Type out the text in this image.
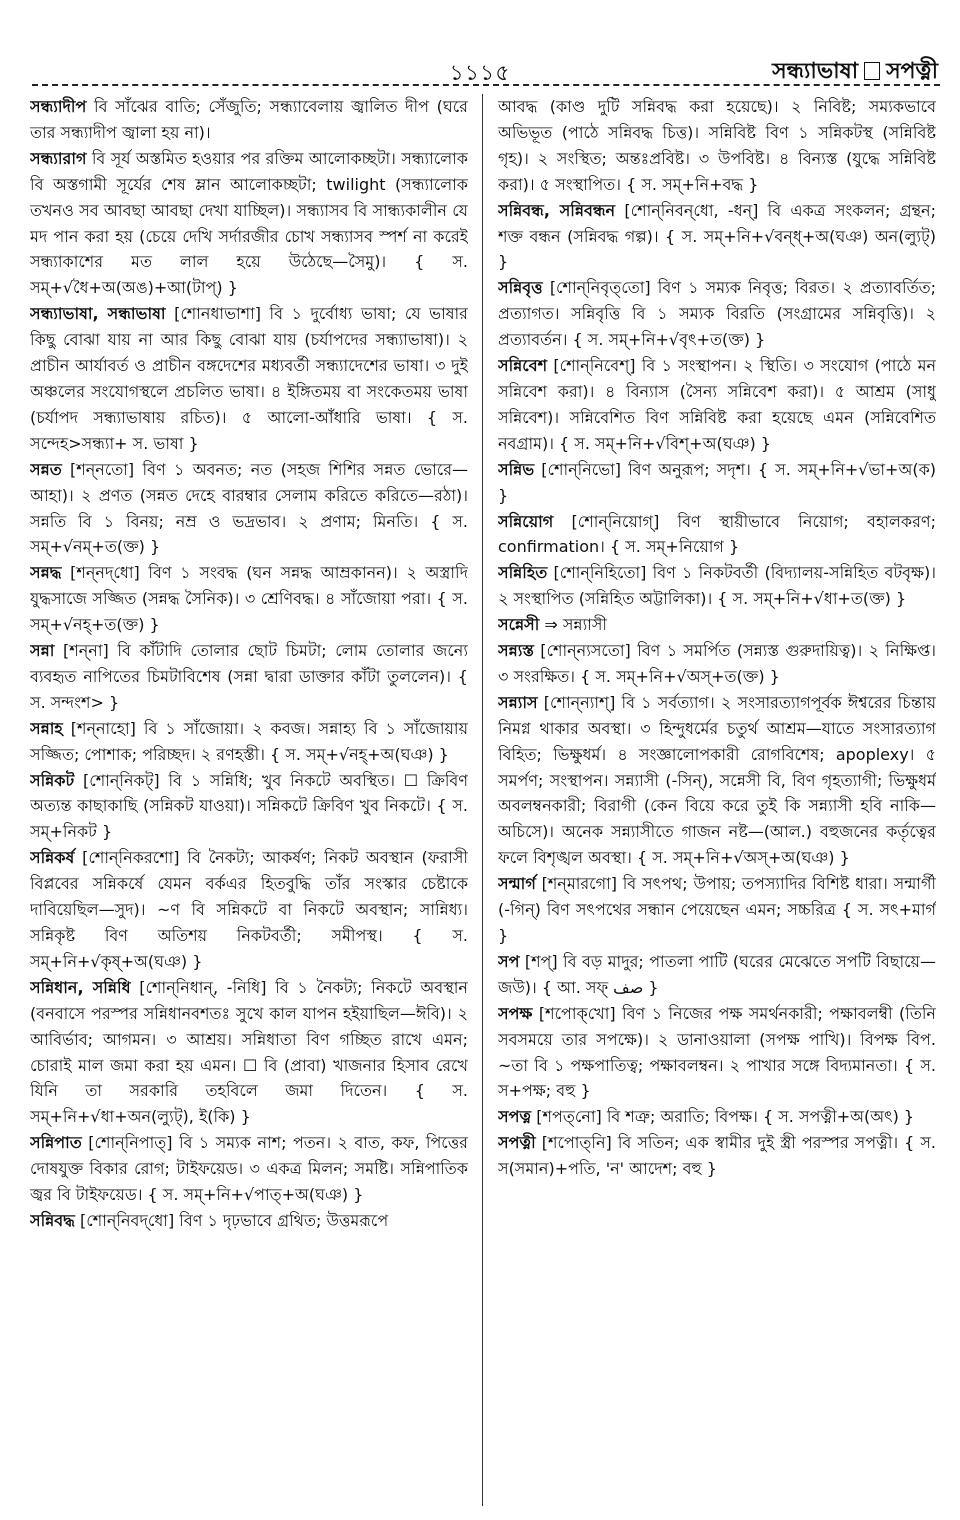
১১১৫	সন্ধ্যাভাষা সপত্নী

সন্ধ্যাদীপ বি সাঁঝের বাতি; সেঁজুতি; সন্ধ্যাবেলায় জ্বালিত দীপ (ঘরে তার সন্ধ্যাদীপ জ্বালা হয় না)।

সন্ধ্যারাগ বি সূর্য অস্তমিত হওয়ার পর রক্তিম আলোকচ্ছটা। সন্ধ্যালোক বি অস্তগামী সূর্যের শেষ ম্লান আলোকচ্ছটা; twilight (সন্ধ্যালোক তখনও সব আবছা আবছা দেখা যাচ্ছিল)। সন্ধ্যাসব বি সান্ধ্যকালীন যে মদ পান করা হয় (চেয়ে দেখি সর্দারজীর চোখ সন্ধ্যাসব স্পর্শ না করেই সন্ধ্যাকাশের মত লাল হয়ে উঠেছে—সৈমু)। { স. সম্+√ধৈ+অ(অঙ)+আ(টাপ্) }

সন্ধ্যাভাষা, সন্ধাভাষা [শোনধাভাশা] বি ১ দুর্বোধ্য ভাষা; যে ভাষার কিছু বোঝা যায় না আর কিছু বোঝা যায় (চর্যাপদের সন্ধ্যাভাষা)। ২ প্রাচীন আর্যাবর্ত ও প্রাচীন বঙ্গদেশের মধ্যবর্তী সন্ধ্যাদেশের ভাষা। ৩ দুই অঞ্চলের সংযোগস্থলে প্রচলিত ভাষা। ৪ ইঙ্গিতময় বা সংকেতময় ভাষা (চর্যাপদ সন্ধ্যাভাষায় রচিত)। ৫ আলো-আঁধারি ভাষা। { স. সন্দেহ>সন্ধ্যা+ স. ভাষা }

সন্নত [শন্‌নতো] বিণ ১ অবনত; নত (সহজ শিশির সন্নত ভোরে—আহা)। ২ প্রণত (সন্নত দেহে বারম্বার সেলাম করিতে করিতে—রঠা)। সন্নতি বি ১ বিনয়; নম্র ও ভদ্রভাব। ২ প্রণাম; মিনতি। { স. সম্+√নম্+ত(ক্ত) }

সন্নদ্ধ [শন্‌নদ্‌ধো] বিণ ১ সংবদ্ধ (ঘন সন্নদ্ধ আম্রকানন)। ২ অস্ত্রাদি যুদ্ধসাজে সজ্জিত (সন্নদ্ধ সৈনিক)। ৩ শ্রেণিবদ্ধ। ৪ সাঁজোয়া পরা। { স. সম্+√নহ্+ত(ক্ত) }

সন্না [শন্‌না] বি কাঁটাদি তোলার ছোট চিমটা; লোম তোলার জন্যে ব্যবহৃত নাপিতের চিমটাবিশেষ (সন্না দ্বারা ডাক্তার কাঁটা তুললেন)। { স. সন্দংশ> }

সন্নাহ [শন্‌নাহো] বি ১ সাঁজোয়া। ২ কবজ। সন্নাহ্য বি ১ সাঁজোয়ায় সজ্জিত; পোশাক; পরিচ্ছদ। ২ রণহস্তী। { স. সম্+√নহ্+অ(ঘঞ) }

সন্নিকট [শোন্‌নিকট্] বি ১ সন্নিধি; খুব নিকটে অবস্থিত। ☐ ক্রিবিণ অত্যন্ত কাছাকাছি (সন্নিকট যাওয়া)। সন্নিকটে ক্রিবিণ খুব নিকটে। { স. সম্+নিকট }

সন্নিকর্ষ [শোন্‌নিকরশো] বি নৈকট্য; আকর্ষণ; নিকট অবস্থান (ফরাসী বিপ্লবের সন্নিকর্ষে যেমন বর্কএর হিতবুদ্ধি তাঁর সংস্কার চেষ্টাকে দাবিয়েছিল—সুদ)। ~ণ বি সন্নিকটে বা নিকটে অবস্থান; সান্নিধ্য। সন্নিকৃষ্ট বিণ অতিশয় নিকটবর্তী; সমীপস্থ। { স. সম্+নি+√কৃষ্+অ(ঘঞ) }

সন্নিধান, সন্নিধি [শোন্‌নিধান্, -নিধি] বি ১ নৈকট্য; নিকটে অবস্থান (বনবাসে পরস্পর সন্নিধানবশতঃ সুখে কাল যাপন হইয়াছিল—ঈবি)। ২ আবির্ভাব; আগমন। ৩ আশ্রয়। সন্নিধাতা বিণ গচ্ছিত রাখে এমন; চোরাই মাল জমা করা হয় এমন। ☐ বি (প্রাবা) খাজনার হিসাব রেখে যিনি তা সরকারি তহবিলে জমা দিতেন। { স. সম্+নি+√ধা+অন(ল্যুট্), ই(কি) }

সন্নিপাত [শোন্‌নিপাত্] বি ১ সম্যক নাশ; পতন। ২ বাত, কফ, পিত্তের দোষযুক্ত বিকার রোগ; টাইফয়েড। ৩ একত্র মিলন; সমষ্টি। সন্নিপাতিক জ্বর বি টাইফয়েড। { স. সম্+নি+√পাত্+অ(ঘঞ) }

সন্নিবদ্ধ [শোন্‌নিবদ্‌ধো] বিণ ১ দৃঢ়ভাবে গ্রথিত; উত্তমরূপে

আবদ্ধ (কাণ্ড দুটি সন্নিবদ্ধ করা হয়েছে)। ২ নিবিষ্ট; সম্যকভাবে অভিভূত (পাঠে সন্নিবদ্ধ চিত্ত)। সন্নিবিষ্ট বিণ ১ সন্নিকটস্থ (সন্নিবিষ্ট গৃহ)। ২ সংস্থিত; অন্তঃপ্রবিষ্ট। ৩ উপবিষ্ট। ৪ বিন্যস্ত (যুদ্ধে সন্নিবিষ্ট করা)। ৫ সংস্থাপিত। { স. সম্+নি+বদ্ধ }

সন্নিবন্ধ, সন্নিবন্ধন [শোন্‌নিবন্‌ধো, -ধন্] বি একত্র সংকলন; গ্রন্থন; শক্ত বন্ধন (সন্নিবদ্ধ গল্প)। { স. সম্+নি+√বন্ধ্+অ(ঘঞ) অন(ল্যুট্) }

সন্নিবৃত্ত [শোন্‌নিবৃত্‌তো] বিণ ১ সম্যক নিবৃত্ত; বিরত। ২ প্রত্যাবর্তিত; প্রত্যাগত। সন্নিবৃত্তি বি ১ সম্যক বিরতি (সংগ্রামের সন্নিবৃত্তি)। ২ প্রত্যাবর্তন। { স. সম্+নি+√বৃৎ+ত(ক্ত) }

সন্নিবেশ [শোন্‌নিবেশ্] বি ১ সংস্থাপন। ২ স্থিতি। ৩ সংযোগ (পাঠে মন সন্নিবেশ করা)। ৪ বিন্যাস (সৈন্য সন্নিবেশ করা)। ৫ আশ্রম (সাধু সন্নিবেশ)। সন্নিবেশিত বিণ সন্নিবিষ্ট করা হয়েছে এমন (সন্নিবেশিত নবগ্রাম)। { স. সম্+নি+√বিশ্+অ(ঘঞ) }

সন্নিভ [শোন্‌নিভো] বিণ অনুরূপ; সদৃশ। { স. সম্+নি+√ভা+অ(ক) }

সন্নিয়োগ [শোন্‌নিয়োগ্] বিণ স্থায়ীভাবে নিয়োগ; বহালকরণ; confirmation। { স. সম্+নিয়োগ }

সন্নিহিত [শোন্‌নিহিতো] বিণ ১ নিকটবর্তী (বিদ্যালয়-সন্নিহিত বটবৃক্ষ)। ২ সংস্থাপিত (সন্নিহিত অট্টালিকা)। { স. সম্+নি+√ধা+ত(ক্ত) }

সন্নেসী ⇒ সন্ন্যাসী

সন্ন্যস্ত [শোন্‌ন্যসতো] বিণ ১ সমর্পিত (সন্ন্যস্ত গুরুদায়িত্ব)। ২ নিক্ষিপ্ত। ৩ সংরক্ষিত। { স. সম্+নি+√অস্+ত(ক্ত) }

সন্ন্যাস [শোন্‌ন্যাশ্] বি ১ সর্বত্যাগ। ২ সংসারত্যাগপূর্বক ঈশ্বরের চিন্তায় নিমগ্ন থাকার অবস্থা। ৩ হিন্দুধর্মের চতুর্থ আশ্রম—যাতে সংসারত্যাগ বিহিত; ভিক্ষুধর্ম। ৪ সংজ্ঞালোপকারী রোগবিশেষ; apoplexy। ৫ সমর্পণ; সংস্থাপন। সন্ন্যাসী (-সিন্), সন্নেসী বি, বিণ গৃহত্যাগী; ভিক্ষুধর্ম অবলম্বনকারী; বিরাগী (কেন বিয়ে করে তুই কি সন্ন্যাসী হবি নাকি—অচিসে)। অনেক সন্ন্যাসীতে গাজন নষ্ট—(আল.) বহুজনের কর্তৃত্বের ফলে বিশৃঙ্খল অবস্থা। { স. সম্+নি+√অস্+অ(ঘঞ) }

সন্মার্গ [শন্‌মারগো] বি সৎপথ; উপায়; তপস্যাদির বিশিষ্ট ধারা। সন্মার্গী (-গিন্) বিণ সৎপথের সন্ধান পেয়েছেন এমন; সচ্চরিত্র { স. সৎ+মার্গ }

সপ [শপ্] বি বড় মাদুর; পাতলা পাটি (ঘরের মেঝেতে সপটি বিছায়ে—জউ)। { আ. সফ্ صف }

সপক্ষ [শপোক্‌খো] বিণ ১ নিজের পক্ষ সমর্থনকারী; পক্ষাবলম্বী (তিনি সবসময়ে তার সপক্ষে)। ২ ডানাওয়ালা (সপক্ষ পাখি)। বিপক্ষ বিপ. ~তা বি ১ পক্ষপাতিত্ব; পক্ষাবলম্বন। ২ পাখার সঙ্গে বিদ্যমানতা। { স. স+পক্ষ; বহু }

সপত্ন [শপত্‌নো] বি শত্রু; অরাতি; বিপক্ষ। { স. সপত্নী+অ(অৎ) }

সপত্নী [শপোত্‌নি] বি সতিন; এক স্বামীর দুই স্ত্রী পরস্পর সপত্নী। { স. স(সমান)+পতি, 'ন' আদেশ; বহু }
